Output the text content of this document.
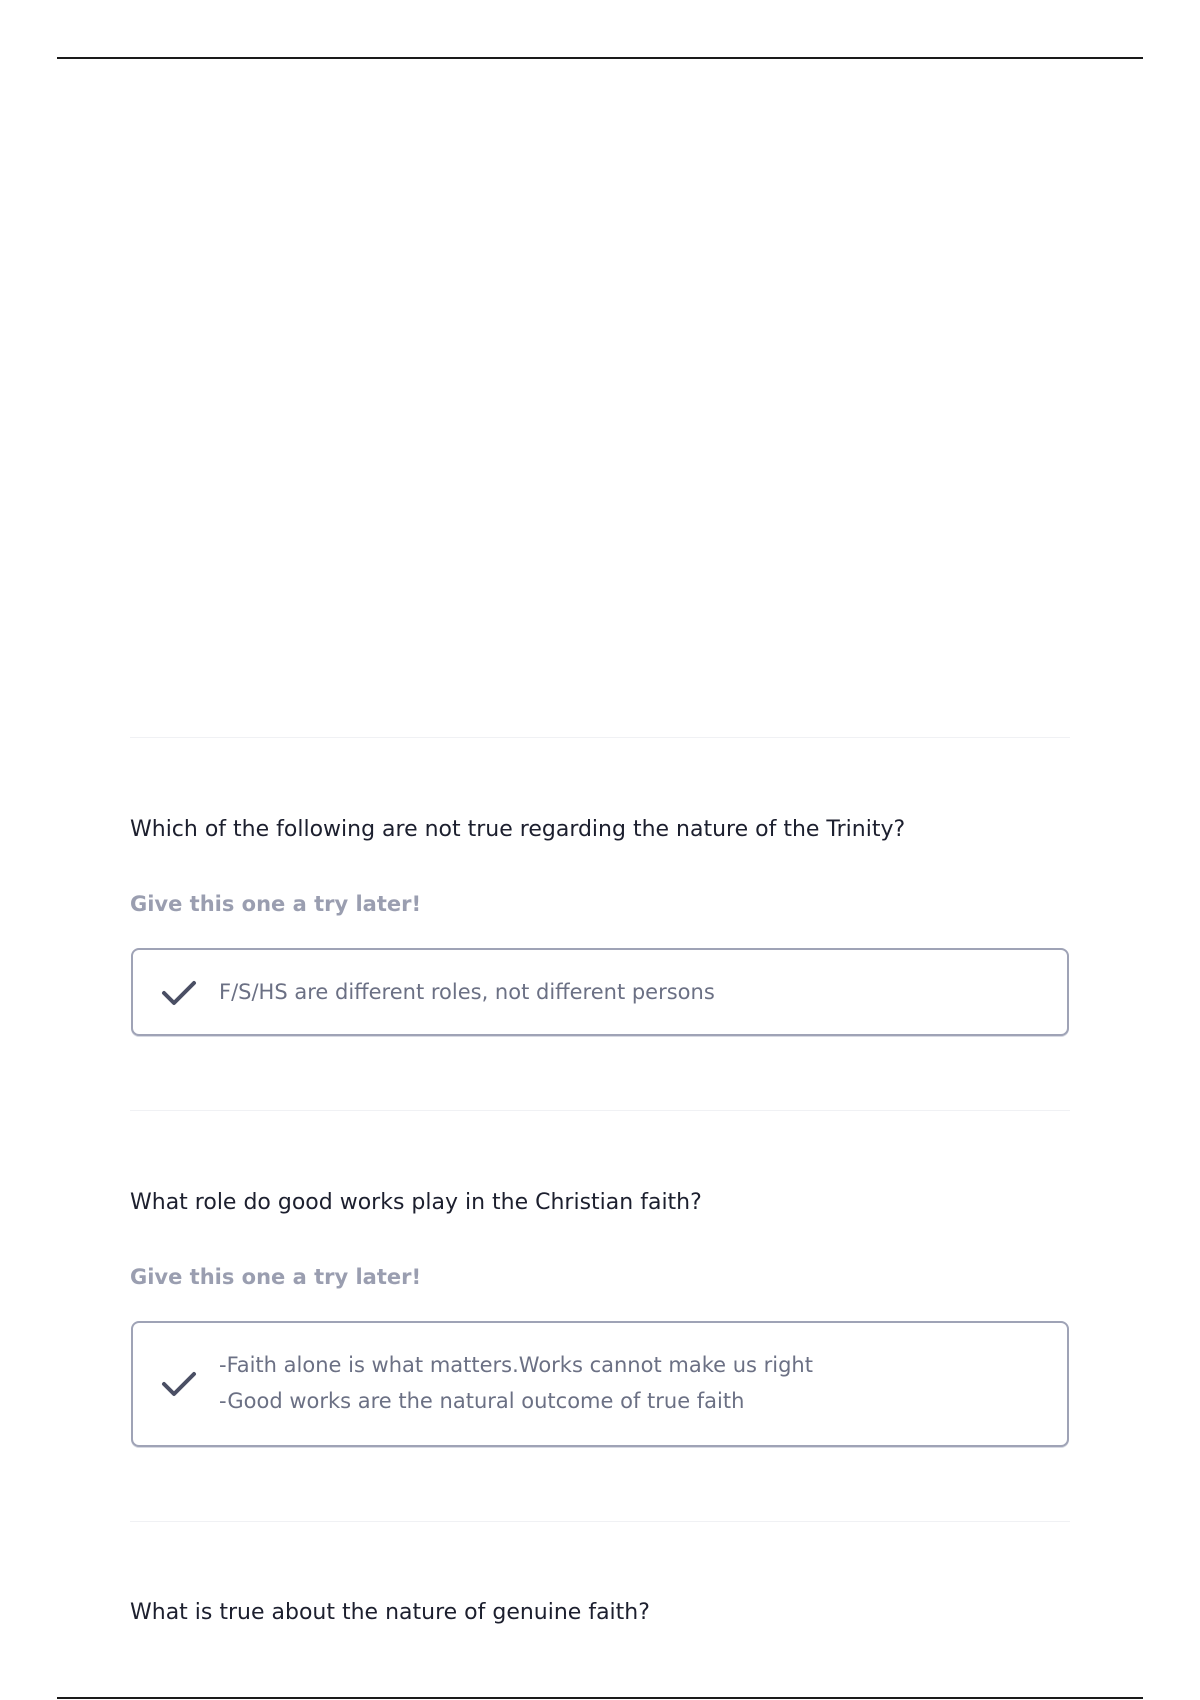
Which of the following are not true regarding the nature of the Trinity?
Give this one a try later!
F/S/HS are different roles, not different persons
What role do good works play in the Christian faith?
Give this one a try later!
-Faith alone is what matters.Works cannot make us right
-Good works are the natural outcome of true faith
What is true about the nature of genuine faith?
